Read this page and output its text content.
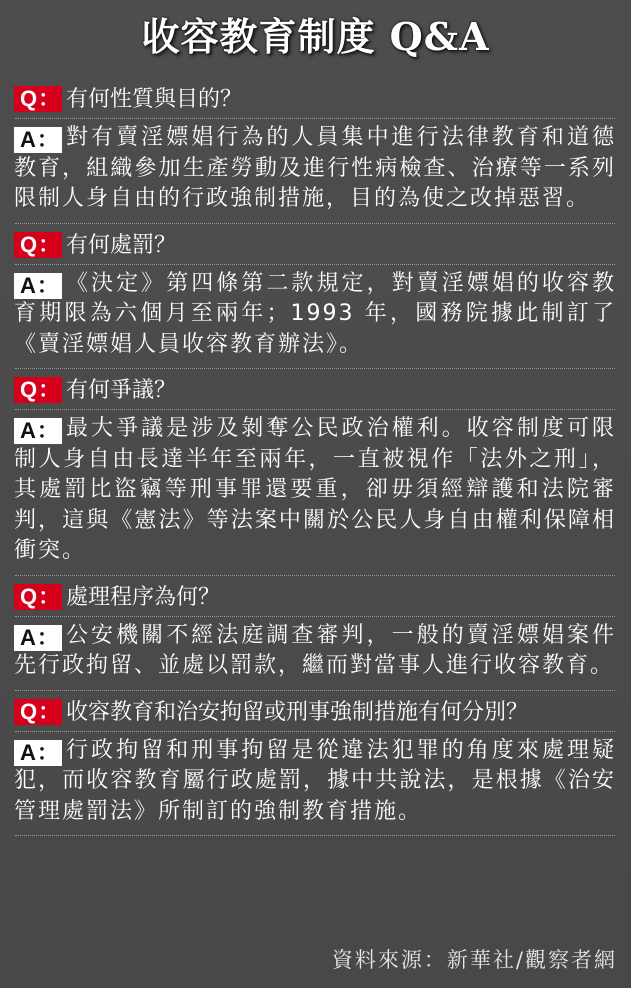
收容教育制度 Q&A
Q： 有何性質與目的？
A： 對有賣淫嫖娼行為的人員集中進行法律教育和道德教育，組織參加生產勞動及進行性病檢查、治療等一系列限制人身自由的行政強制措施，目的為使之改掉惡習。

Q： 有何處罰？
A： 《決定》第四條第二款規定，對賣淫嫖娼的收容教育期限為六個月至兩年；1993 年，國務院據此制訂了《賣淫嫖娼人員收容教育辦法》。

Q： 有何爭議？
A： 最大爭議是涉及剝奪公民政治權利。收容制度可限制人身自由長達半年至兩年，一直被視作「法外之刑」，其處罰比盜竊等刑事罪還要重，卻毋須經辯護和法院審判，這與《憲法》等法案中關於公民人身自由權利保障相衝突。

Q： 處理程序為何？
A： 公安機關不經法庭調查審判，一般的賣淫嫖娼案件先行政拘留、並處以罰款，繼而對當事人進行收容教育。

Q： 收容教育和治安拘留或刑事強制措施有何分別？
A： 行政拘留和刑事拘留是從違法犯罪的角度來處理疑犯，而收容教育屬行政處罰，據中共說法，是根據《治安管理處罰法》所制訂的強制教育措施。

資料來源：新華社/觀察者網
